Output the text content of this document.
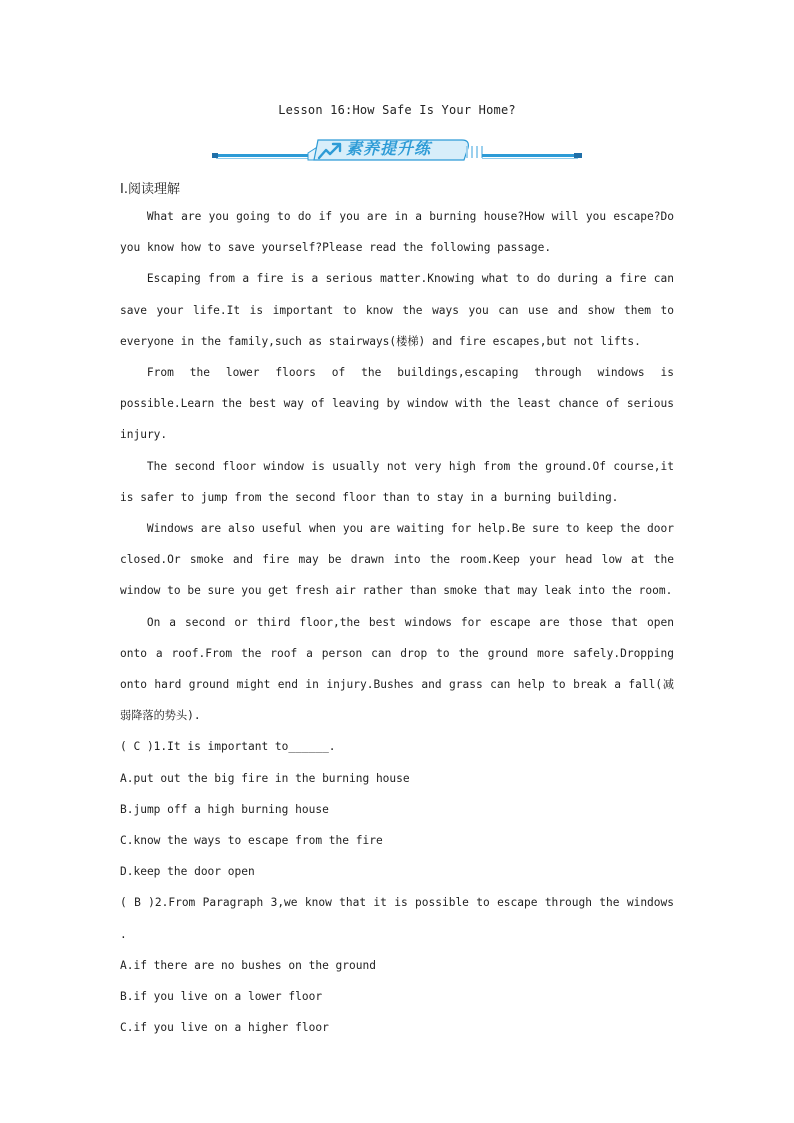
Lesson 16:How Safe Is Your Home?
素养提升练
Ⅰ.阅读理解

What are you going to do if you are in a burning house?How will you escape?Do you know how to save yourself?Please read the following passage.

Escaping from a fire is a serious matter.Knowing what to do during a fire can save your life.It is important to know the ways you can use and show them to everyone in the family,such as stairways(楼梯) and fire escapes,but not lifts.

From the lower floors of the buildings,escaping through windows is possible.Learn the best way of leaving by window with the least chance of serious injury.

The second floor window is usually not very high from the ground.Of course,it is safer to jump from the second floor than to stay in a burning building.

Windows are also useful when you are waiting for help.Be sure to keep the door closed.Or smoke and fire may be drawn into the room.Keep your head low at the window to be sure you get fresh air rather than smoke that may leak into the room.

On a second or third floor,the best windows for escape are those that open onto a roof.From the roof a person can drop to the ground more safely.Dropping onto hard ground might end in injury.Bushes and grass can help to break a fall(减弱降落的势头).

( C )1.It is important to______.

A.put out the big fire in the burning house

B.jump off a high burning house

C.know the ways to escape from the fire

D.keep the door open

( B )2.From Paragraph 3,we know that it is possible to escape through the windows .

A.if there are no bushes on the ground

B.if you live on a lower floor

C.if you live on a higher floor
